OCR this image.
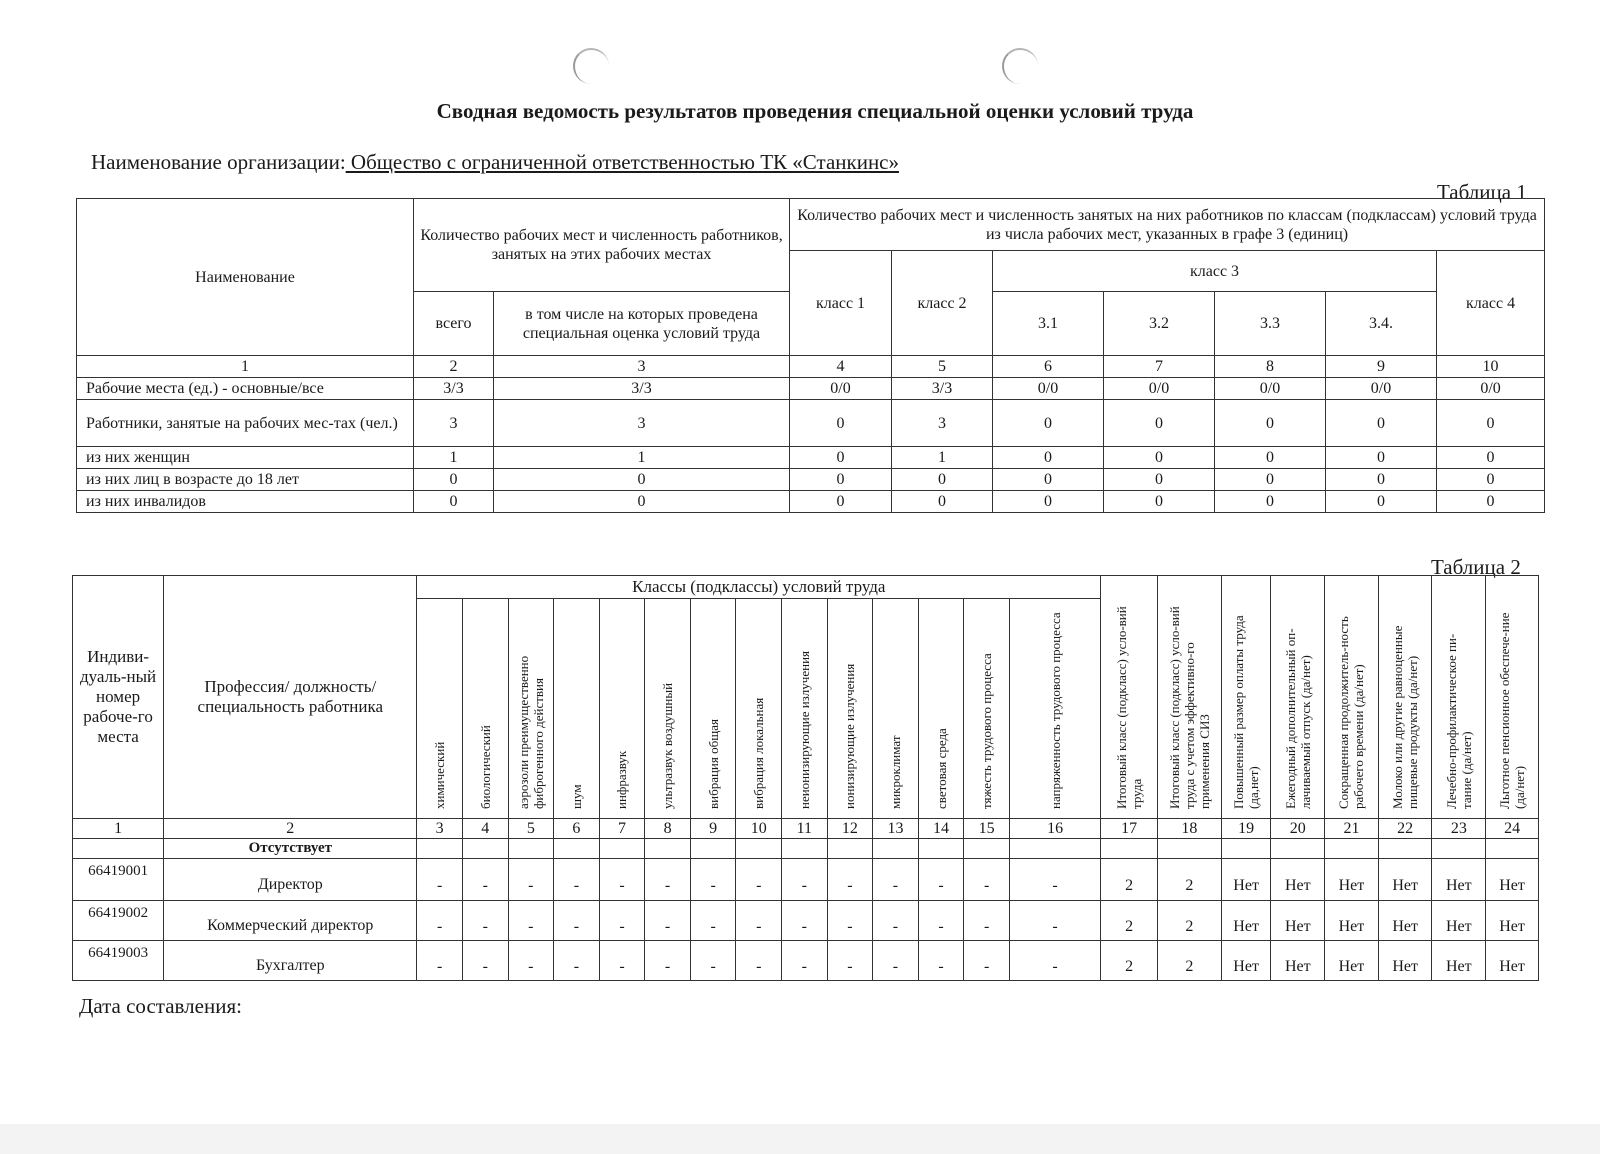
Сводная ведомость результатов проведения специальной оценки условий труда
Наименование организации: Общество с ограниченной ответственностью ТК «Станкинс»
Таблица 1
Наименование	Количество рабочих мест и численность работников, занятых на этих рабочих местах		Количество рабочих мест и численность занятых на них работников по классам (подклассам) условий труда из числа рабочих мест, указанных в графе 3 (единиц)						
			класс 1	класс 2	класс 3				класс 4
	всего	в том числе на которых проведена специальная оценка условий труда			3.1	3.2	3.3	3.4.	
1	2	3	4	5	6	7	8	9	10
Рабочие места (ед.) - основные/все	3/3	3/3	0/0	3/3	0/0	0/0	0/0	0/0	0/0
Работники, занятые на рабочих мес-тах (чел.)	3	3	0	3	0	0	0	0	0
из них женщин	1	1	0	1	0	0	0	0	0
из них лиц в возрасте до 18 лет	0	0	0	0	0	0	0	0	0
из них инвалидов	0	0	0	0	0	0	0	0	0
Таблица 2
Индиви-дуаль-ный номер рабоче-го места	Профессия/ должность/ специальность работника	Классы (подклассы) условий труда														Итоговый класс (подкласс) усло-вий труда	Итоговый класс (подкласс) усло-вий труда с учетом эффективно-го применения СИЗ	Повышенный размер оплаты труда (да,нет)	Ежегодный дополнительный оп-лачиваемый отпуск (да/нет)	Сокращенная продолжитель-ность рабочего времени (да/нет)	Молоко или другие равноценные пищевые продукты (да/нет)	Лечебно-профилактическое пи-тание (да/нет)	Льготное пенсионное обеспече-ние (да/нет)
		химический	биологический	аэрозоли преимущественно фиброгенного действия	шум	инфразвук	ультразвук воздушный	вибрация общая	вибрация локальная	неионизирующие излучения	ионизирующие излучения	микроклимат	световая среда	тяжесть трудового процесса	напряженность трудового процесса								
1	2	3	4	5	6	7	8	9	10	11	12	13	14	15	16	17	18	19	20	21	22	23	24
	Отсутствует																						
66419001	Директор	-	-	-	-	-	-	-	-	-	-	-	-	-	-	2	2	Нет	Нет	Нет	Нет	Нет	Нет
66419002	Коммерческий директор	-	-	-	-	-	-	-	-	-	-	-	-	-	-	2	2	Нет	Нет	Нет	Нет	Нет	Нет
66419003	Бухгалтер	-	-	-	-	-	-	-	-	-	-	-	-	-	-	2	2	Нет	Нет	Нет	Нет	Нет	Нет
Дата составления:
